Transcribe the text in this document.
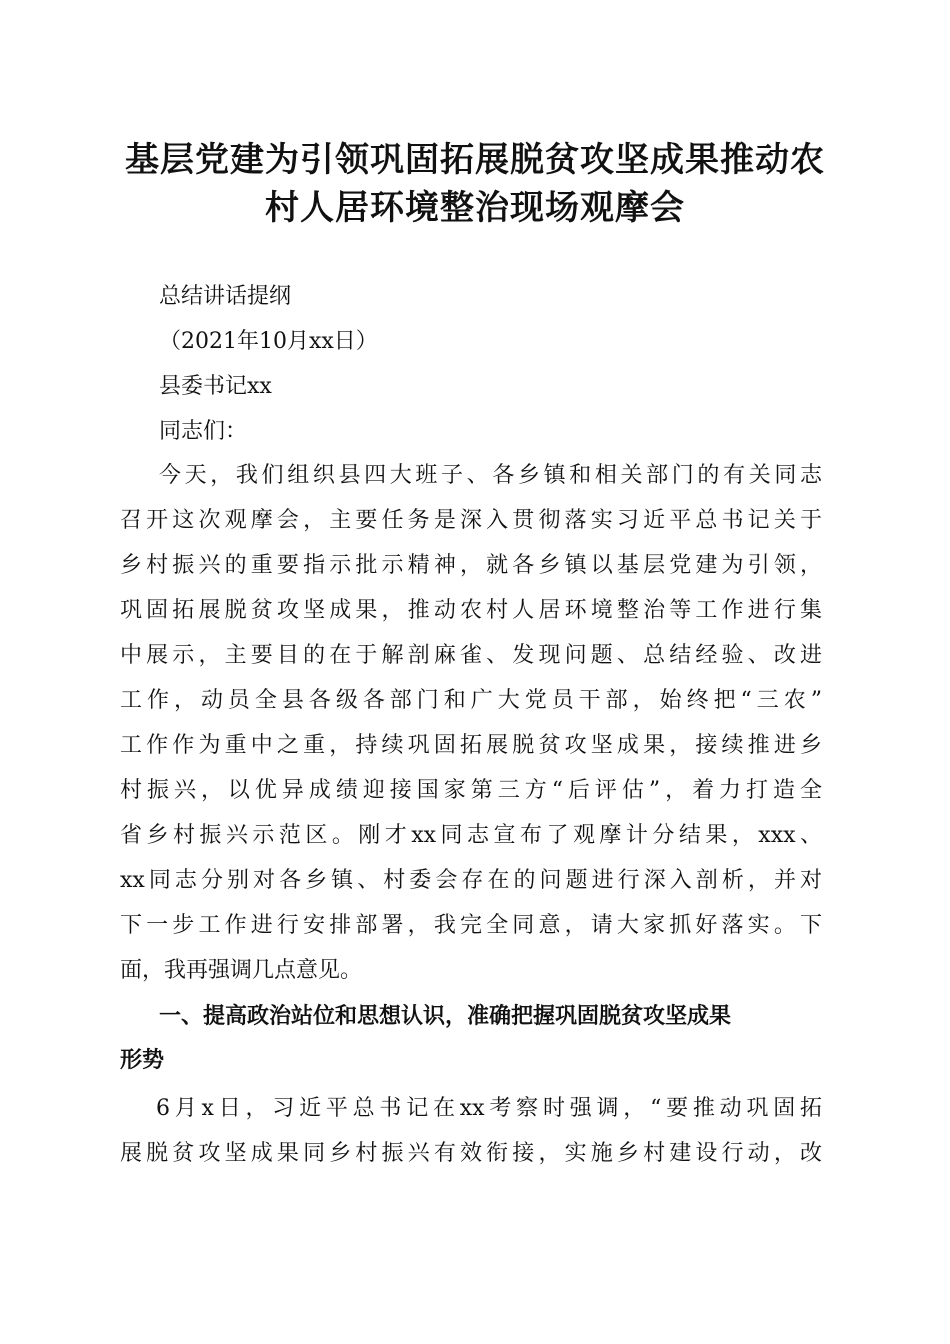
基层党建为引领巩固拓展脱贫攻坚成果推动农
村人居环境整治现场观摩会

总结讲话提纲

（2021年10月xx日）

县委书记xx

同志们：

今天，我们组织县四大班子、各乡镇和相关部门的有关同志

召开这次观摩会，主要任务是深入贯彻落实习近平总书记关于

乡村振兴的重要指示批示精神，就各乡镇以基层党建为引领，

巩固拓展脱贫攻坚成果，推动农村人居环境整治等工作进行集

中展示，主要目的在于解剖麻雀、发现问题、总结经验、改进

工作，动员全县各级各部门和广大党员干部，始终把“三农”

工作作为重中之重，持续巩固拓展脱贫攻坚成果，接续推进乡

村振兴，以优异成绩迎接国家第三方“后评估”，着力打造全

省乡村振兴示范区。刚才xx同志宣布了观摩计分结果，xxx、

xx同志分别对各乡镇、村委会存在的问题进行深入剖析，并对

下一步工作进行安排部署，我完全同意，请大家抓好落实。下

面，我再强调几点意见。

一、提高政治站位和思想认识，准确把握巩固脱贫攻坚成果

形势

6月x日，习近平总书记在xx考察时强调，“要推动巩固拓

展脱贫攻坚成果同乡村振兴有效衔接，实施乡村建设行动，改
